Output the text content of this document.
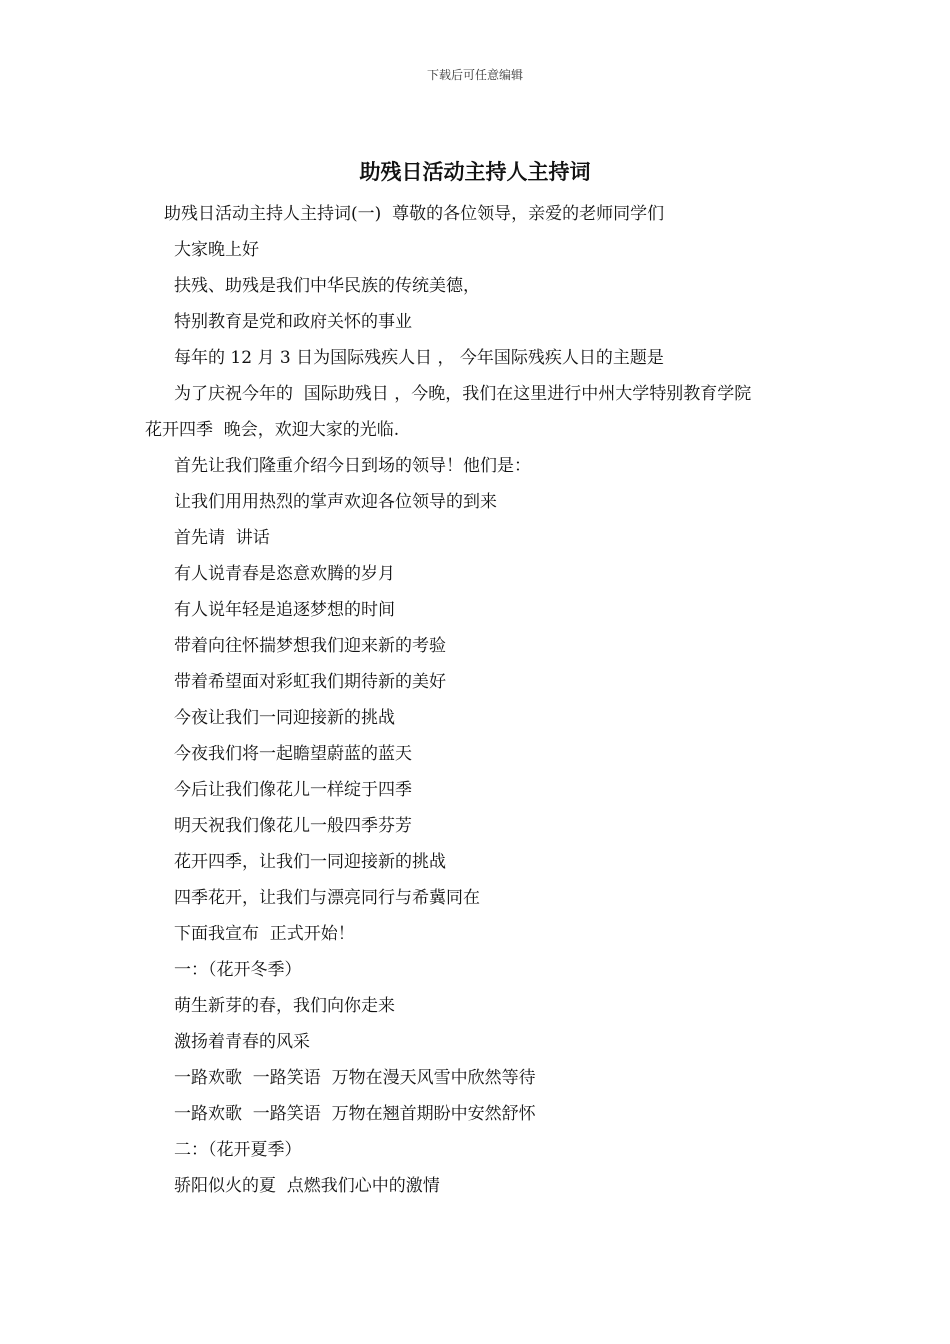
下载后可任意编辑
助残日活动主持人主持词

助残日活动主持人主持词(一)  尊敬的各位领导，亲爱的老师同学们

大家晚上好

扶残、助残是我们中华民族的传统美德，

特别教育是党和政府关怀的事业

每年的 12 月 3 日为国际残疾人日 ， 今年国际残疾人日的主题是

为了庆祝今年的  国际助残日 ，今晚，我们在这里进行中州大学特别教育学院

花开四季  晚会，欢迎大家的光临.

首先让我们隆重介绍今日到场的领导！他们是：

让我们用用热烈的掌声欢迎各位领导的到来

首先请  讲话

有人说青春是恣意欢腾的岁月

有人说年轻是追逐梦想的时间

带着向往怀揣梦想我们迎来新的考验

带着希望面对彩虹我们期待新的美好

今夜让我们一同迎接新的挑战

今夜我们将一起瞻望蔚蓝的蓝天

今后让我们像花儿一样绽于四季

明天祝我们像花儿一般四季芬芳

花开四季，让我们一同迎接新的挑战

四季花开，让我们与漂亮同行与希冀同在

下面我宣布  正式开始！

一：（花开冬季）

萌生新芽的春，我们向你走来

激扬着青春的风采

一路欢歌  一路笑语  万物在漫天风雪中欣然等待

一路欢歌  一路笑语  万物在翘首期盼中安然舒怀

二：（花开夏季）

骄阳似火的夏  点燃我们心中的激情
